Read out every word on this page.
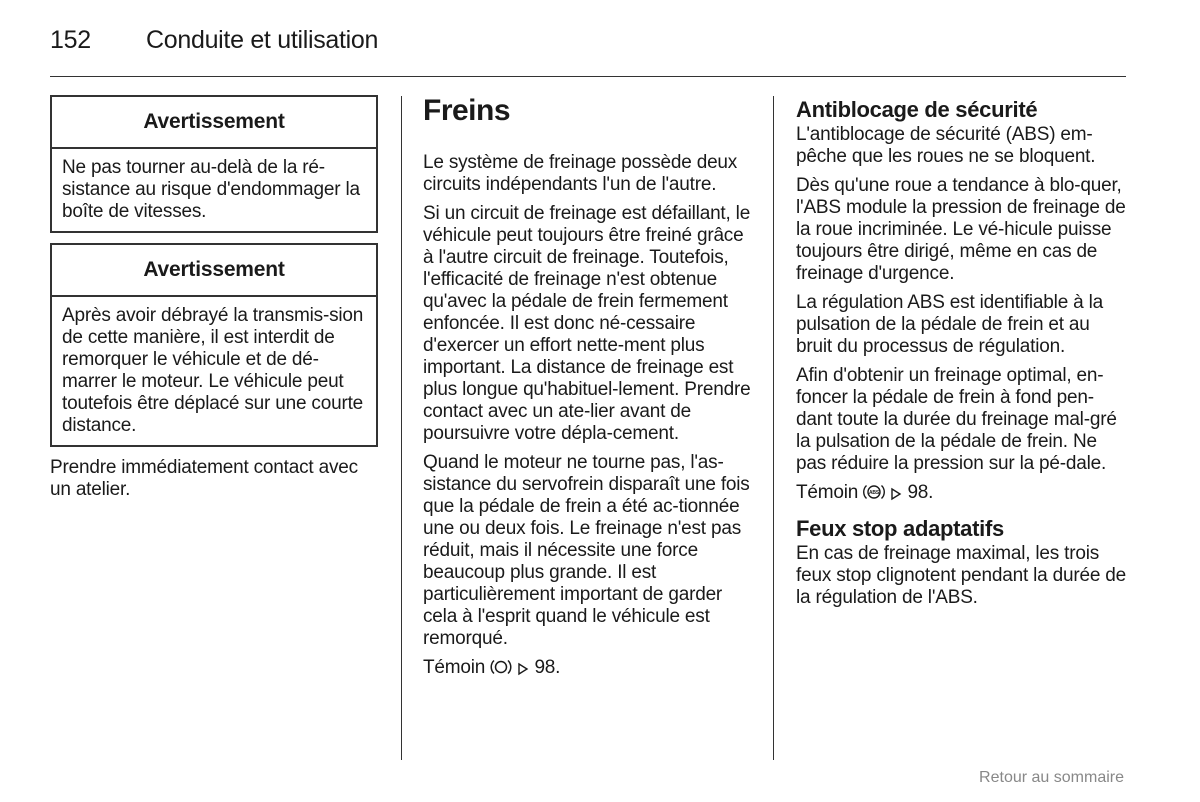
152 Conduite et utilisation
Avertissement
Ne pas tourner au-delà de la ré-sistance au risque d'endommager la boîte de vitesses.
Avertissement
Après avoir débrayé la transmis-sion de cette manière, il est interdit de remorquer le véhicule et de dé-marrer le moteur. Le véhicule peut toutefois être déplacé sur une courte distance.

Prendre immédiatement contact avec un atelier.

Freins

Le système de freinage possède deux circuits indépendants l'un de l'autre.

Si un circuit de freinage est défaillant, le véhicule peut toujours être freiné grâce à l'autre circuit de freinage. Toutefois, l'efficacité de freinage n'est obtenue qu'avec la pédale de frein fermement enfoncée. Il est donc né-cessaire d'exercer un effort nette-ment plus important. La distance de freinage est plus longue qu'habituel-lement. Prendre contact avec un ate-lier avant de poursuivre votre dépla-cement.

Quand le moteur ne tourne pas, l'as-sistance du servofrein disparaît une fois que la pédale de frein a été ac-tionnée une ou deux fois. Le freinage n'est pas réduit, mais il nécessite une force beaucoup plus grande. Il est particulièrement important de garder cela à l'esprit quand le véhicule est remorqué.

Témoin	98.

Antiblocage de sécurité

L'antiblocage de sécurité (ABS) em-pêche que les roues ne se bloquent.

Dès qu'une roue a tendance à blo-quer, l'ABS module la pression de freinage de la roue incriminée. Le vé-hicule puisse toujours être dirigé, même en cas de freinage d'urgence.

La régulation ABS est identifiable à la pulsation de la pédale de frein et au bruit du processus de régulation.

Afin d'obtenir un freinage optimal, en-foncer la pédale de frein à fond pen-dant toute la durée du freinage mal-gré la pulsation de la pédale de frein. Ne pas réduire la pression sur la pé-dale.

Témoin ABS 98.

Feux stop adaptatifs

En cas de freinage maximal, les trois feux stop clignotent pendant la durée de la régulation de l'ABS.

Retour au sommaire
